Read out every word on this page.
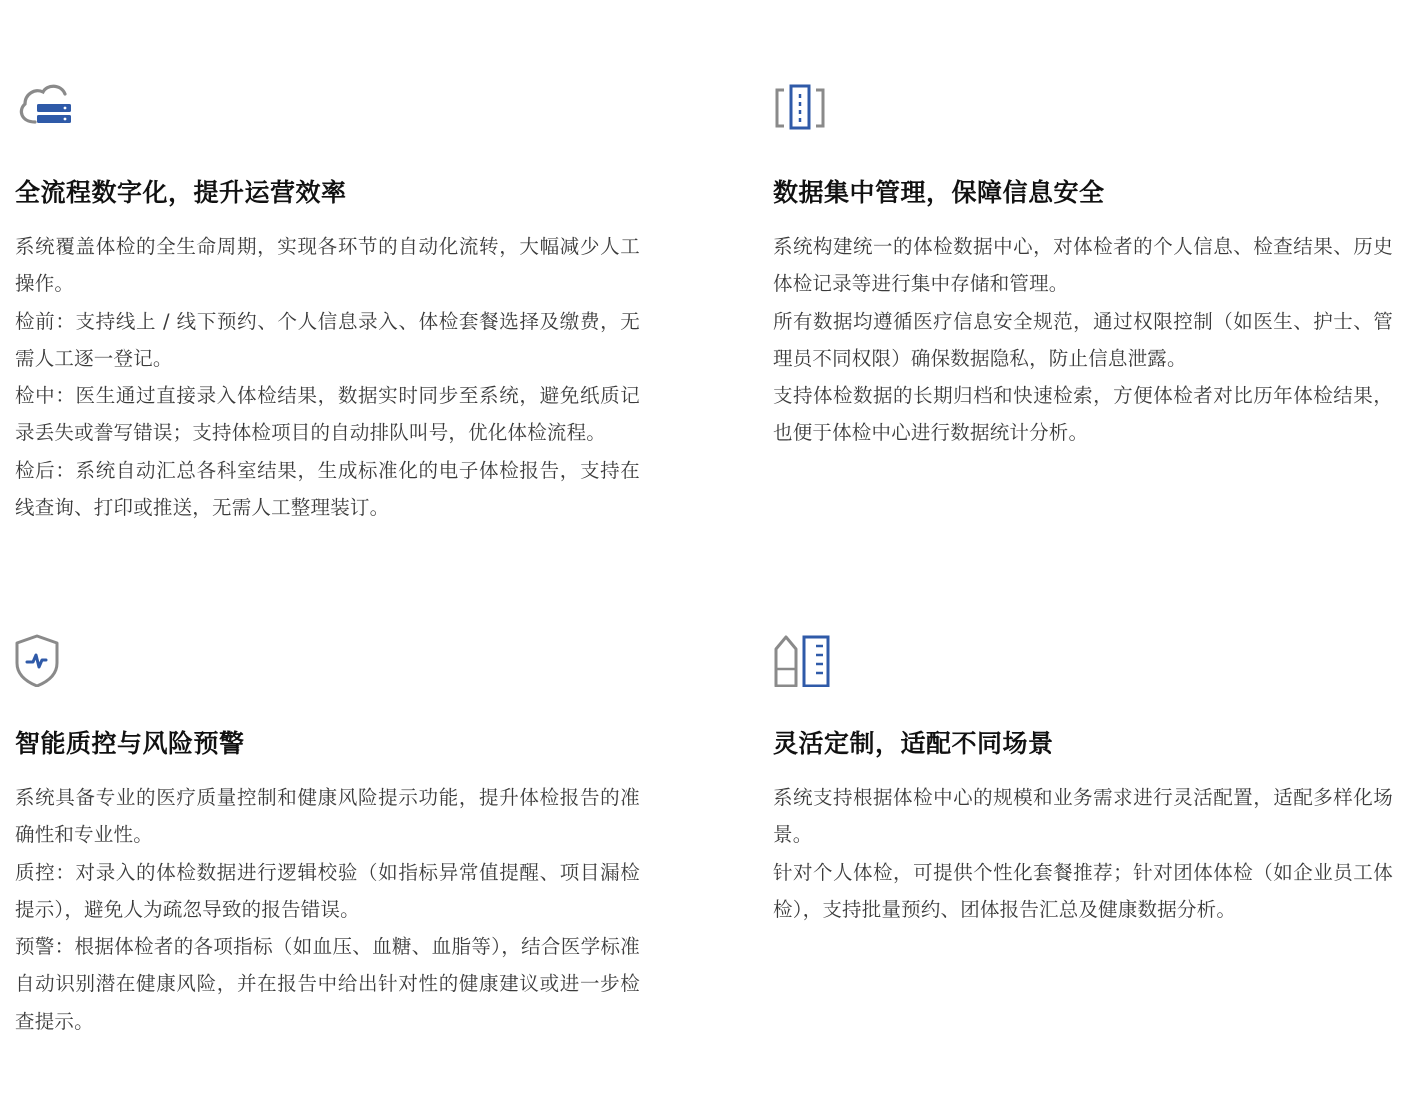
全流程数字化，提升运营效率

系统覆盖体检的全生命周期，实现各环节的自动化流转，大幅减少人工操作。

检前：支持线上 / 线下预约、个人信息录入、体检套餐选择及缴费，无需人工逐一登记。

检中：医生通过直接录入体检结果，数据实时同步至系统，避免纸质记录丢失或誊写错误；支持体检项目的自动排队叫号，优化体检流程。

检后：系统自动汇总各科室结果，生成标准化的电子体检报告，支持在线查询、打印或推送，无需人工整理装订。

数据集中管理，保障信息安全

系统构建统一的体检数据中心，对体检者的个人信息、检查结果、历史体检记录等进行集中存储和管理。

所有数据均遵循医疗信息安全规范，通过权限控制（如医生、护士、管理员不同权限）确保数据隐私，防止信息泄露。

支持体检数据的长期归档和快速检索，方便体检者对比历年体检结果，也便于体检中心进行数据统计分析。

智能质控与风险预警

系统具备专业的医疗质量控制和健康风险提示功能，提升体检报告的准确性和专业性。

质控：对录入的体检数据进行逻辑校验（如指标异常值提醒、项目漏检提示），避免人为疏忽导致的报告错误。

预警：根据体检者的各项指标（如血压、血糖、血脂等），结合医学标准自动识别潜在健康风险，并在报告中给出针对性的健康建议或进一步检查提示。

灵活定制，适配不同场景

系统支持根据体检中心的规模和业务需求进行灵活配置，适配多样化场景。

针对个人体检，可提供个性化套餐推荐；针对团体体检（如企业员工体检），支持批量预约、团体报告汇总及健康数据分析。
